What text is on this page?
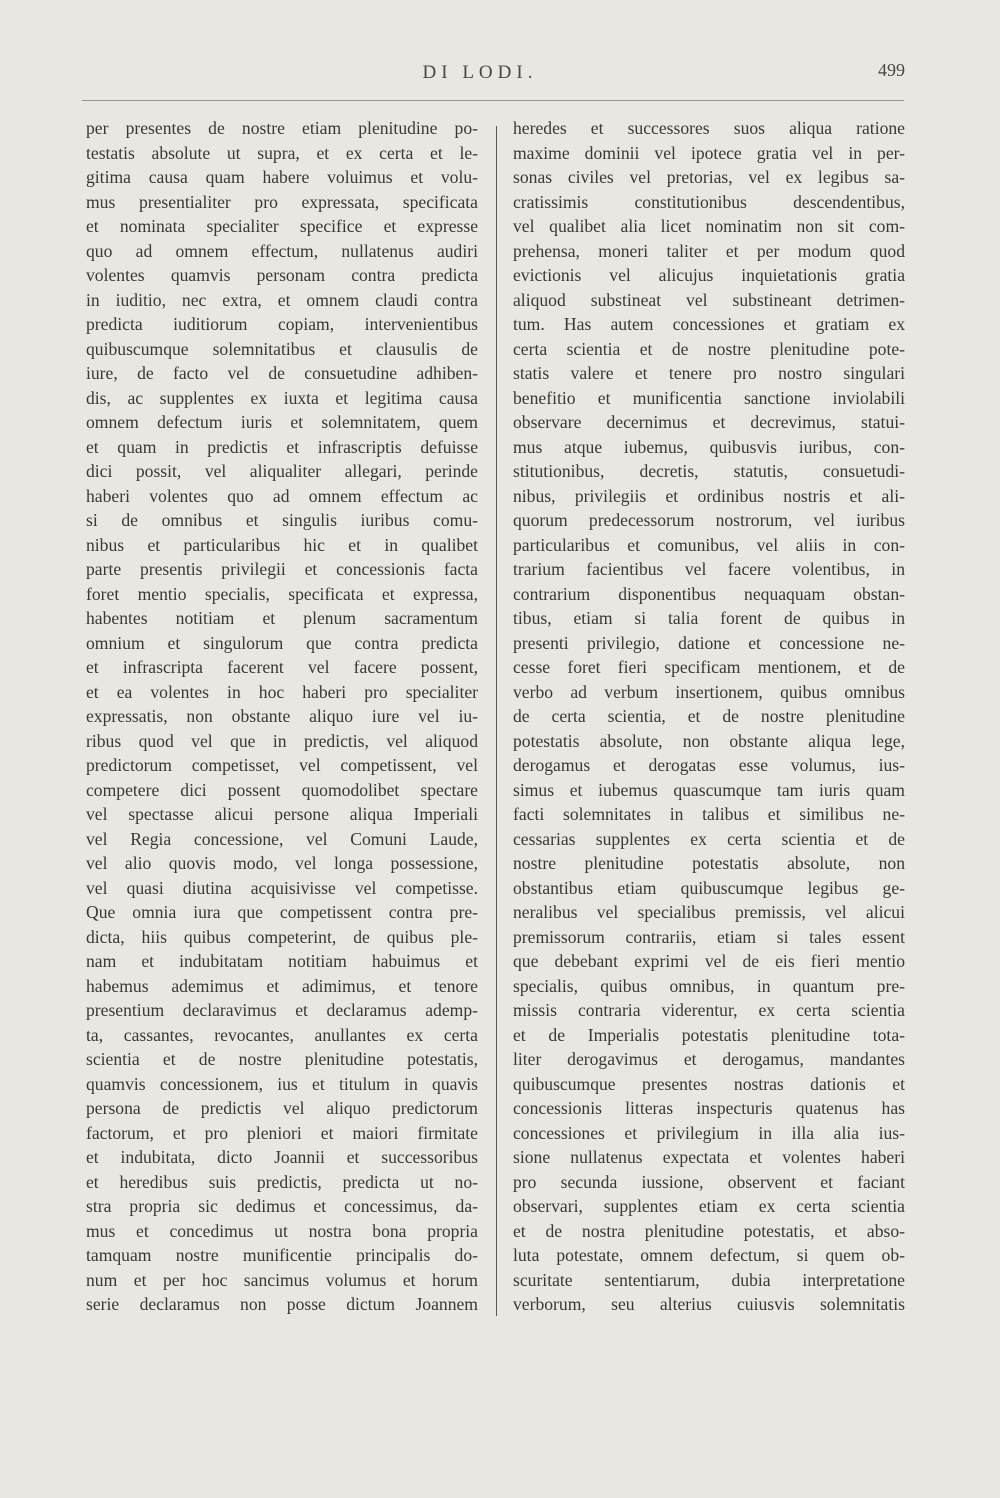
DI LODI.	499
per presentes de nostre etiam plenitudine po-
testatis absolute ut supra, et ex certa et le-
gitima causa quam habere voluimus et volu-
mus presentialiter pro expressata, specificata
et nominata specialiter specifice et expresse
quo ad omnem effectum, nullatenus audiri
volentes quamvis personam contra predicta
in iuditio, nec extra, et omnem claudi contra
predicta iuditiorum copiam, intervenientibus
quibuscumque solemnitatibus et clausulis de
iure, de facto vel de consuetudine adhiben-
dis, ac supplentes ex iuxta et legitima causa
omnem defectum iuris et solemnitatem, quem
et quam in predictis et infrascriptis defuisse
dici possit, vel aliqualiter allegari, perinde
haberi volentes quo ad omnem effectum ac
si de omnibus et singulis iuribus comu-
nibus et particularibus hic et in qualibet
parte presentis privilegii et concessionis facta
foret mentio specialis, specificata et expressa,
habentes notitiam et plenum sacramentum
omnium et singulorum que contra predicta
et infrascripta facerent vel facere possent,
et ea volentes in hoc haberi pro specialiter
expressatis, non obstante aliquo iure vel iu-
ribus quod vel que in predictis, vel aliquod
predictorum competisset, vel competissent, vel
competere dici possent quomodolibet spectare
vel spectasse alicui persone aliqua Imperiali
vel Regia concessione, vel Comuni Laude,
vel alio quovis modo, vel longa possessione,
vel quasi diutina acquisivisse vel competisse.
Que omnia iura que competissent contra pre-
dicta, hiis quibus competerint, de quibus ple-
nam et indubitatam notitiam habuimus et
habemus ademimus et adimimus, et tenore
presentium declaravimus et declaramus ademp-
ta, cassantes, revocantes, anullantes ex certa
scientia et de nostre plenitudine potestatis,
quamvis concessionem, ius et titulum in quavis
persona de predictis vel aliquo predictorum
factorum, et pro pleniori et maiori firmitate
et indubitata, dicto Joannii et successoribus
et heredibus suis predictis, predicta ut no-
stra propria sic dedimus et concessimus, da-
mus et concedimus ut nostra bona propria
tamquam nostre munificentie principalis do-
num et per hoc sancimus volumus et horum
serie declaramus non posse dictum Joannem
heredes et successores suos aliqua ratione
maxime dominii vel ipotece gratia vel in per-
sonas civiles vel pretorias, vel ex legibus sa-
cratissimis constitutionibus descendentibus,
vel qualibet alia licet nominatim non sit com-
prehensa, moneri taliter et per modum quod
evictionis vel alicujus inquietationis gratia
aliquod substineat vel substineant detrimen-
tum. Has autem concessiones et gratiam ex
certa scientia et de nostre plenitudine pote-
statis valere et tenere pro nostro singulari
benefitio et munificentia sanctione inviolabili
observare decernimus et decrevimus, statui-
mus atque iubemus, quibusvis iuribus, con-
stitutionibus, decretis, statutis, consuetudi-
nibus, privilegiis et ordinibus nostris et ali-
quorum predecessorum nostrorum, vel iuribus
particularibus et comunibus, vel aliis in con-
trarium facientibus vel facere volentibus, in
contrarium disponentibus nequaquam obstan-
tibus, etiam si talia forent de quibus in
presenti privilegio, datione et concessione ne-
cesse foret fieri specificam mentionem, et de
verbo ad verbum insertionem, quibus omnibus
de certa scientia, et de nostre plenitudine
potestatis absolute, non obstante aliqua lege,
derogamus et derogatas esse volumus, ius-
simus et iubemus quascumque tam iuris quam
facti solemnitates in talibus et similibus ne-
cessarias supplentes ex certa scientia et de
nostre plenitudine potestatis absolute, non
obstantibus etiam quibuscumque legibus ge-
neralibus vel specialibus premissis, vel alicui
premissorum contrariis, etiam si tales essent
que debebant exprimi vel de eis fieri mentio
specialis, quibus omnibus, in quantum pre-
missis contraria viderentur, ex certa scientia
et de Imperialis potestatis plenitudine tota-
liter derogavimus et derogamus, mandantes
quibuscumque presentes nostras dationis et
concessionis litteras inspecturis quatenus has
concessiones et privilegium in illa alia ius-
sione nullatenus expectata et volentes haberi
pro secunda iussione, observent et faciant
observari, supplentes etiam ex certa scientia
et de nostra plenitudine potestatis, et abso-
luta potestate, omnem defectum, si quem ob-
scuritate sententiarum, dubia interpretatione
verborum, seu alterius cuiusvis solemnitatis
